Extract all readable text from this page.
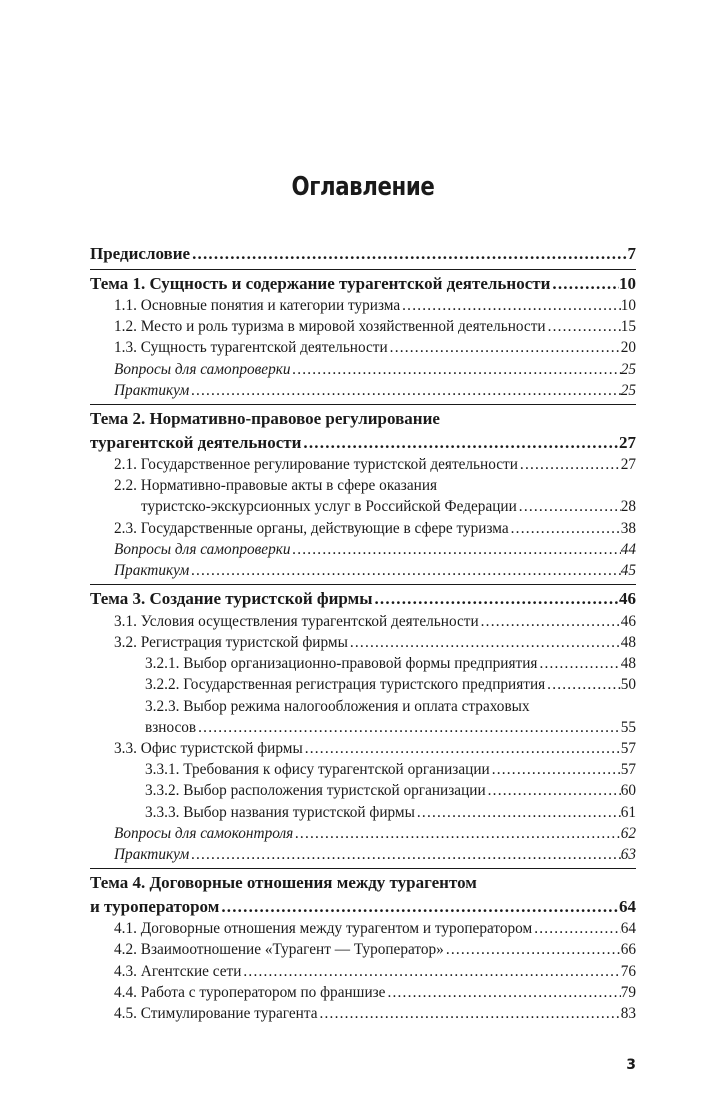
Оглавление
Предисловие .....	7
Тема 1. Сущность и содержание турагентской деятельности .....	10
1.1. Основные понятия и категории туризма .....	10
1.2. Место и роль туризма в мировой хозяйственной деятельности .....	15
1.3. Сущность турагентской деятельности .....	20
Вопросы для самопроверки .....	25
Практикум .....	25
Тема 2. Нормативно-правовое регулирование
турагентской деятельности .....	27
2.1. Государственное регулирование туристской деятельности .....	27
2.2. Нормативно-правовые акты в сфере оказания
туристско-экскурсионных услуг в Российской Федерации .....	28
2.3. Государственные органы, действующие в сфере туризма .....	38
Вопросы для самопроверки .....	44
Практикум .....	45
Тема 3. Создание туристской фирмы .....	46
3.1. Условия осуществления турагентской деятельности .....	46
3.2. Регистрация туристской фирмы .....	48
3.2.1. Выбор организационно-правовой формы предприятия .....	48
3.2.2. Государственная регистрация туристского предприятия .....	50
3.2.3. Выбор режима налогообложения и оплата страховых
взносов .....	55
3.3. Офис туристской фирмы .....	57
3.3.1. Требования к офису турагентской организации .....	57
3.3.2. Выбор расположения туристской организации .....	60
3.3.3. Выбор названия туристской фирмы .....	61
Вопросы для самоконтроля .....	62
Практикум .....	63
Тема 4. Договорные отношения между турагентом
и туроператором .....	64
4.1. Договорные отношения между турагентом и туроператором .....	64
4.2. Взаимоотношение «Турагент — Туроператор» .....	66
4.3. Агентские сети .....	76
4.4. Работа с туроператором по франшизе .....	79
4.5. Стимулирование турагента .....	83
3
